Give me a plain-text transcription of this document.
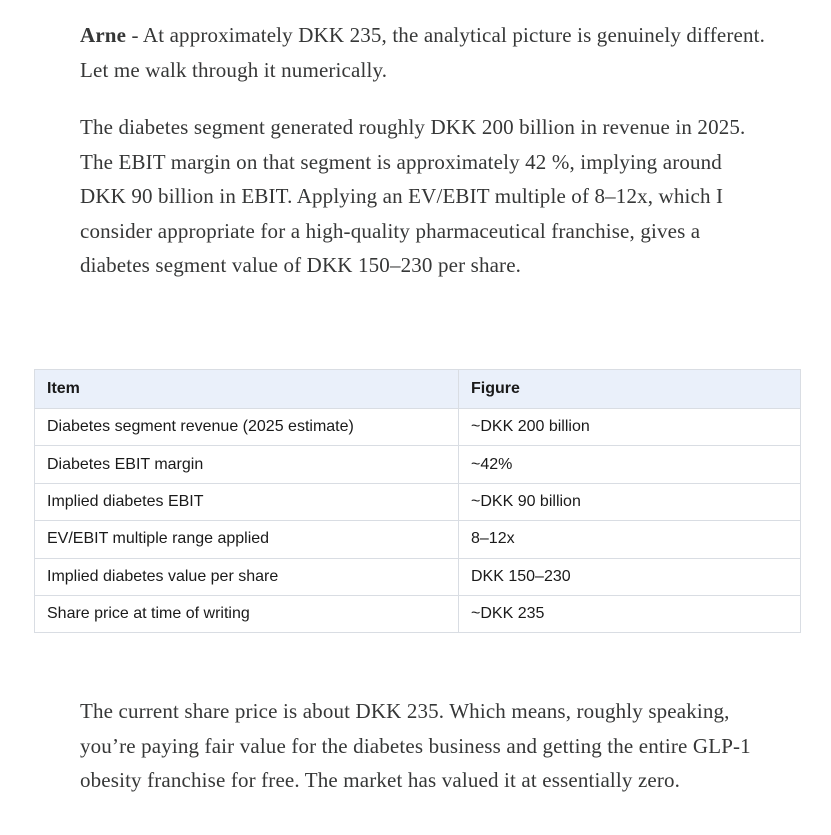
Arne - At approximately DKK 235, the analytical picture is genuinely different. Let me walk through it numerically.

The diabetes segment generated roughly DKK 200 billion in revenue in 2025. The EBIT margin on that segment is approximately 42 %, implying around DKK 90 billion in EBIT. Applying an EV/EBIT multiple of 8–12x, which I consider appropriate for a high-quality pharmaceutical franchise, gives a diabetes segment value of DKK 150–230 per share.

Item	Figure
Diabetes segment revenue (2025 estimate)	~DKK 200 billion
Diabetes EBIT margin	~42%
Implied diabetes EBIT	~DKK 90 billion
EV/EBIT multiple range applied	8–12x
Implied diabetes value per share	DKK 150–230
Share price at time of writing	~DKK 235

The current share price is about DKK 235. Which means, roughly speaking, you’re paying fair value for the diabetes business and getting the entire GLP-1 obesity franchise for free. The market has valued it at essentially zero.
